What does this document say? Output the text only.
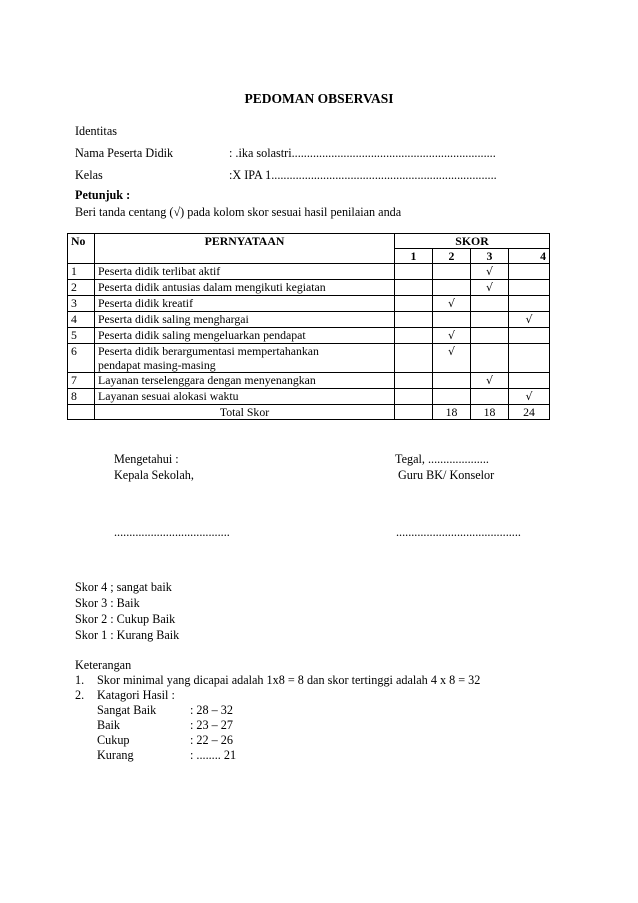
PEDOMAN OBSERVASI
Identitas
Nama Peserta Didik	: .ika solastri...................................................................
Kelas	:X IPA 1..........................................................................
Petunjuk :
Beri tanda centang (√) pada kolom skor sesuai hasil penilaian anda
No	PERNYATAAN	SKOR			
		1	2	3	4
1	Peserta didik terlibat aktif			√	
2	Peserta didik antusias dalam mengikuti kegiatan			√	
3	Peserta didik kreatif		√		
4	Peserta didik saling menghargai				√
5	Peserta didik saling mengeluarkan pendapat		√		
6	Peserta didik berargumentasi mempertahankan
pendapat masing-masing		√		
7	Layanan terselenggara dengan menyenangkan			√	
8	Layanan sesuai alokasi waktu				√
	Total Skor		18	18	24
Mengetahui :
Kepala Sekolah,
Tegal, ....................
Guru BK/ Konselor
......................................	.........................................
Skor 4 ; sangat baik
Skor 3 : Baik
Skor 2 : Cukup Baik
Skor 1 : Kurang Baik
Keterangan
1. Skor minimal yang dicapai adalah 1x8 = 8 dan skor tertinggi adalah 4 x 8 = 32
2. Katagori Hasil :
Sangat Baik	: 28 – 32
Baik	: 23 – 27
Cukup	: 22 – 26
Kurang	: ........ 21
